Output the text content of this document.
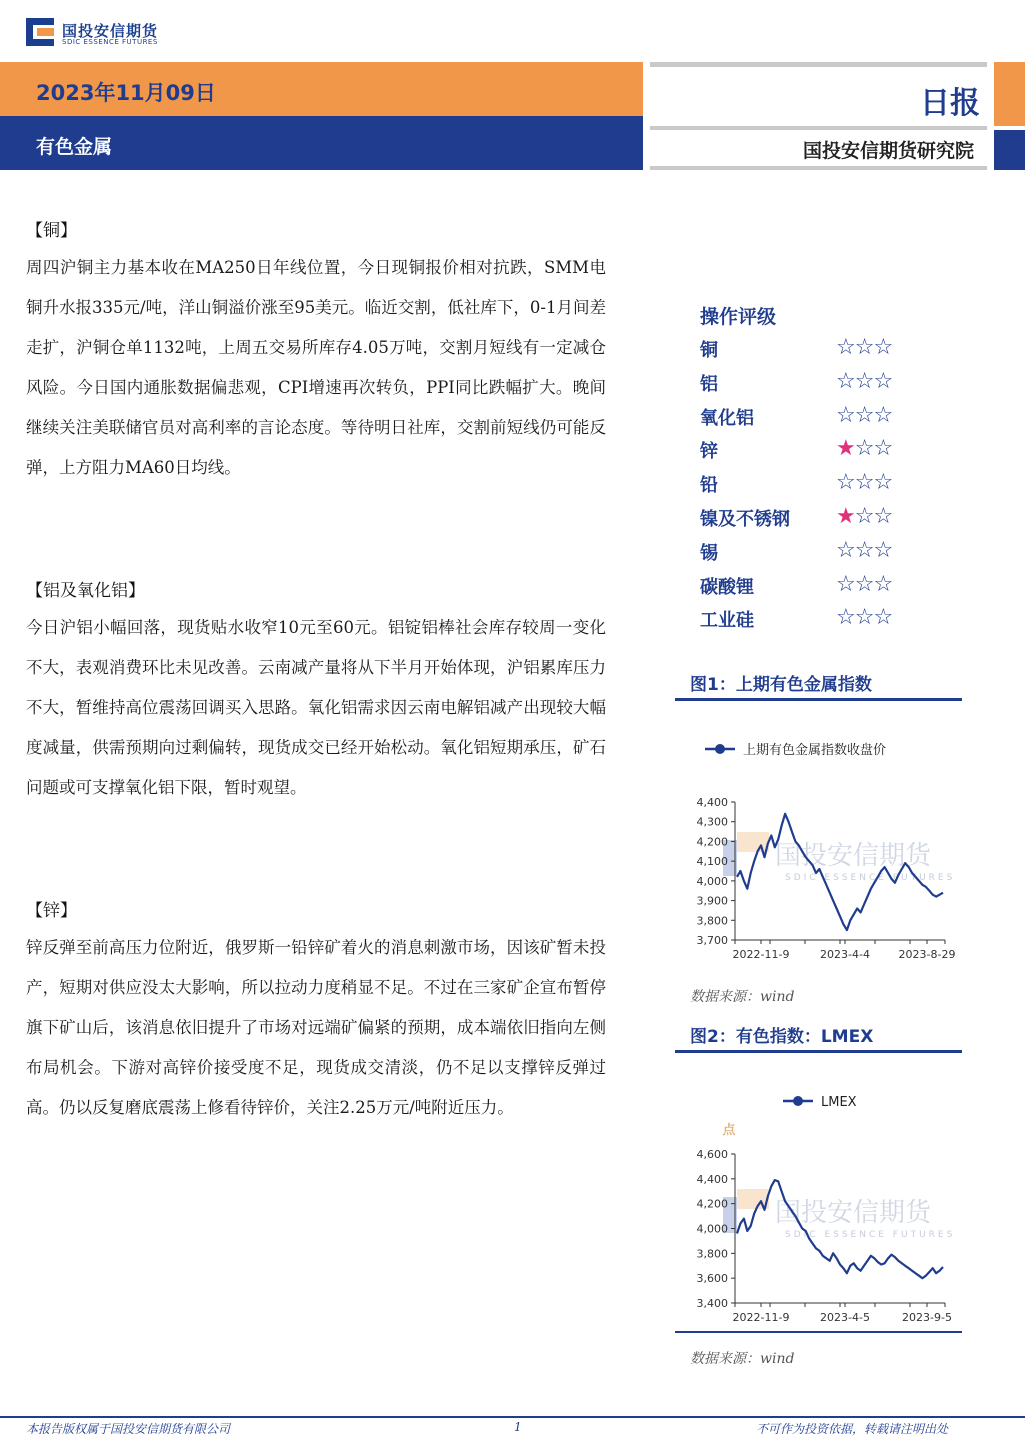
国投安信期货
SDIC ESSENCE FUTURES
2023年11月09日
有色金属
日报
国投安信期货研究院
【铜】
周四沪铜主力基本收在MA250日年线位置，今日现铜报价相对抗跌，SMM电铜升水报335元/吨，洋山铜溢价涨至95美元。临近交割，低社库下，0-1月间差走扩，沪铜仓单1132吨，上周五交易所库存4.05万吨，交割月短线有一定减仓风险。今日国内通胀数据偏悲观，CPI增速再次转负，PPI同比跌幅扩大。晚间继续关注美联储官员对高利率的言论态度。等待明日社库，交割前短线仍可能反弹，上方阻力MA60日均线。
【铝及氧化铝】
今日沪铝小幅回落，现货贴水收窄10元至60元。铝锭铝棒社会库存较周一变化不大，表观消费环比未见改善。云南减产量将从下半月开始体现，沪铝累库压力不大，暂维持高位震荡回调买入思路。氧化铝需求因云南电解铝减产出现较大幅度减量，供需预期向过剩偏转，现货成交已经开始松动。氧化铝短期承压，矿石问题或可支撑氧化铝下限，暂时观望。
【锌】
锌反弹至前高压力位附近，俄罗斯一铅锌矿着火的消息刺激市场，因该矿暂未投产，短期对供应没太大影响，所以拉动力度稍显不足。不过在三家矿企宣布暂停旗下矿山后，该消息依旧提升了市场对远端矿偏紧的预期，成本端依旧指向左侧布局机会。下游对高锌价接受度不足，现货成交清淡，仍不足以支撑锌反弹过高。仍以反复磨底震荡上修看待锌价，关注2.25万元/吨附近压力。
操作评级
铜	☆☆☆
铝	☆☆☆
氧化铝	☆☆☆
锌	★☆☆
铅	☆☆☆
镍及不锈钢 ★☆☆
锡	☆☆☆
碳酸锂	☆☆☆
工业硅	☆☆☆
图1：上期有色金属指数
上期有色金属指数收盘价
国投安信期货
SDIC ESSENCE FUTURES
3,700
3,800
3,900
4,000
4,100
4,200
4,300
4,400
2022-11-9	2023-4-4	2023-8-29
数据来源：wind
图2：有色指数：LMEX
LMEX
国投安信期货
SDIC ESSENCE FUTURES
点
3,400
3,600
3,800
4,000
4,200
4,400
4,600
2022-11-9	2023-4-5	2023-9-5
数据来源：wind
本报告版权属于国投安信期货有限公司	1	不可作为投资依据，转载请注明出处
